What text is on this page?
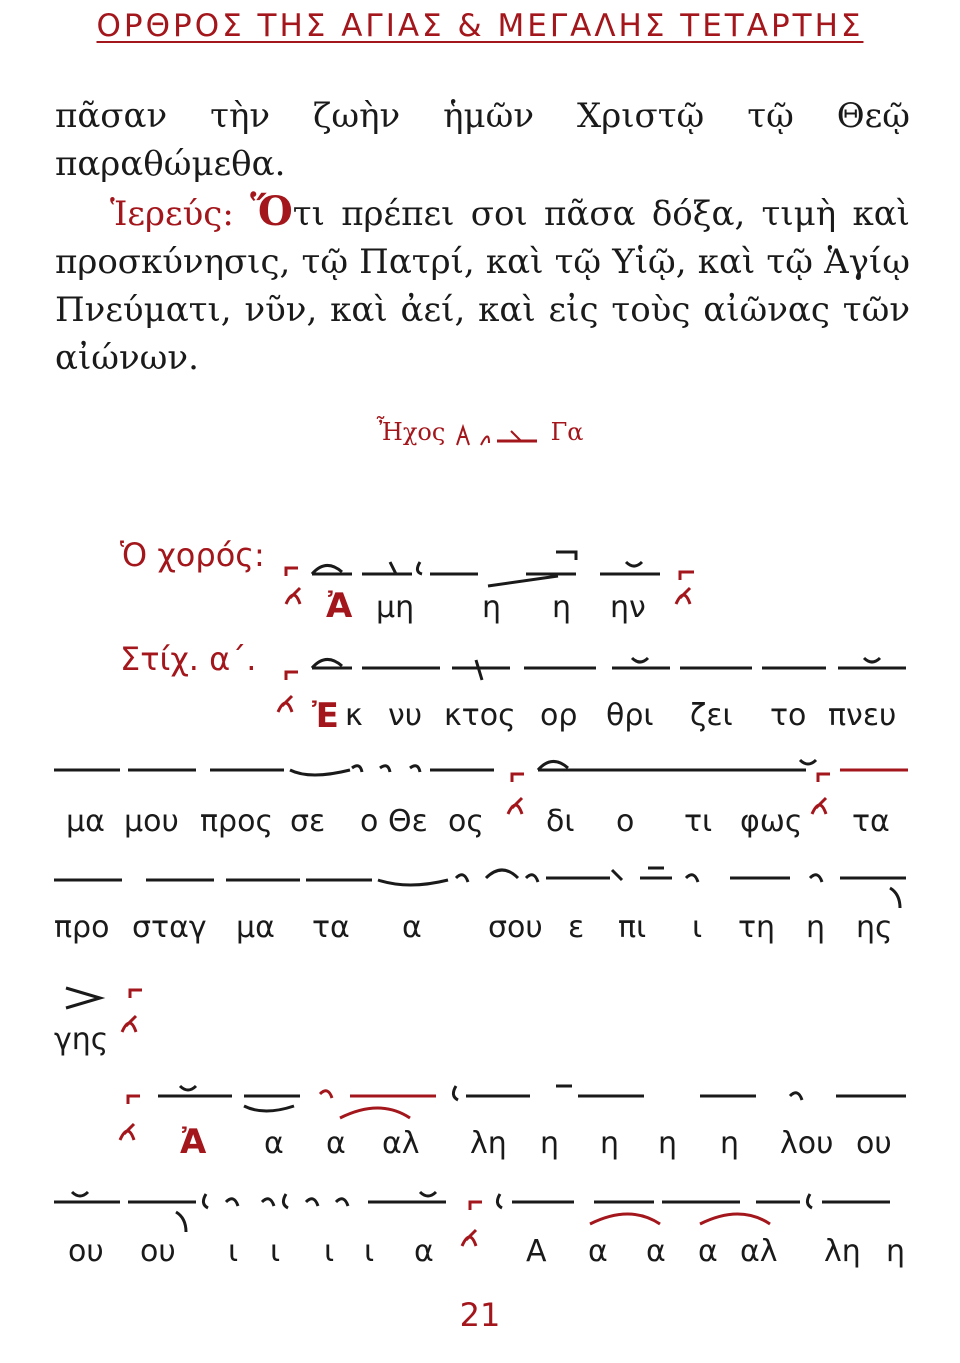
ΟΡΘΡΟΣ ΤΗΣ ΑΓΙΑΣ & ΜΕΓΑΛΗΣ ΤΕΤΑΡΤΗΣ

πᾶσαν τὴν ζωὴν ἡμῶν Χριστῷ τῷ Θεῷ παραθώμεθα.

Ἱερεύς: Ὅτι πρέπει σοι πᾶσα δόξα, τιμὴ καὶ προσκύνησις, τῷ Πατρί, καὶ τῷ Υἱῷ, καὶ τῷ Ἁγίῳ Πνεύματι, νῦν, καὶ ἀεί, καὶ εἰς τοὺς αἰῶνας τῶν αἰώνων.

Ἦχος	Γα
Ὁ χορός:
Στίχ. α΄.
Ἀ μη η η ην
Ἐ κ νυ κτος ορ θρι ζει το πνευ
μα μου προς σε ο Θε ος δι ο τι φως τα
προ σταγ μα τα α σου ε πι ι τη η ης
γης
Ἀ α α αλ λη η η η η λου ου
ου ου ι ι ι ι α	Α α α α αλ λη η
21
